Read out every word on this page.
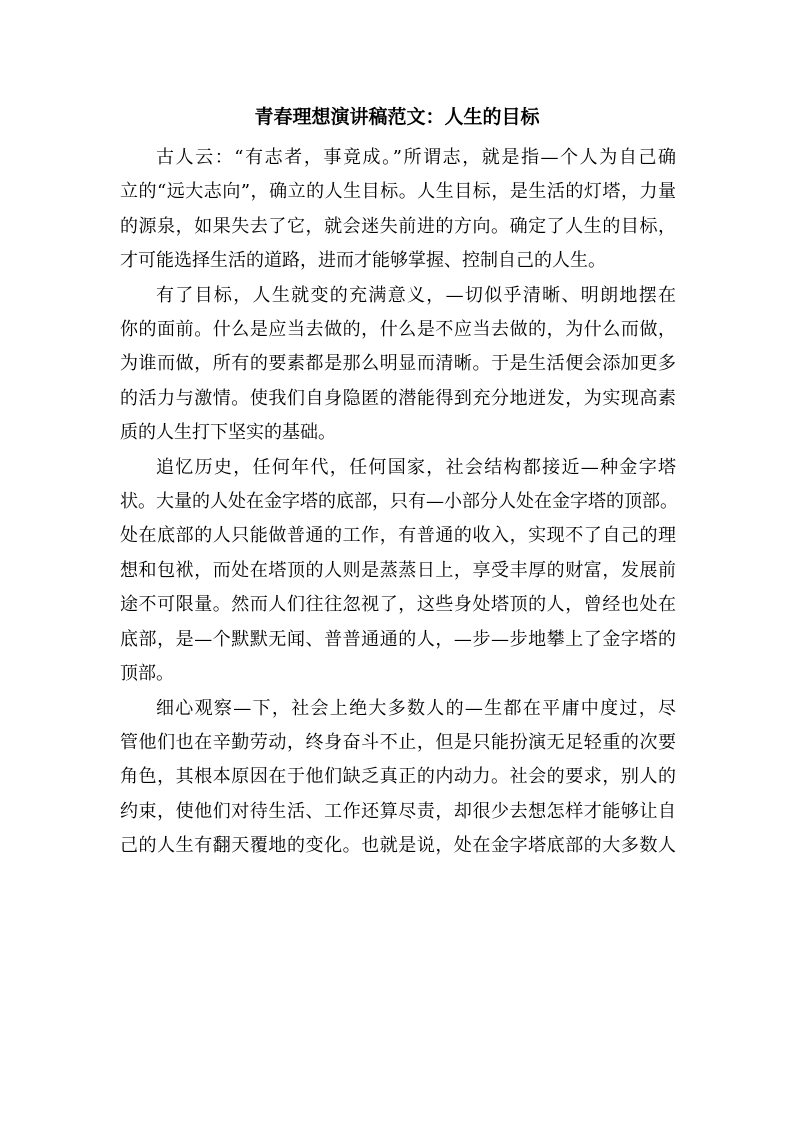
青春理想演讲稿范文：人生的目标

古人云：“有志者，事竟成。”所谓志，就是指—个人为自己确
立的“远大志向”，确立的人生目标。人生目标，是生活的灯塔，力量
的源泉，如果失去了它，就会迷失前进的方向。确定了人生的目标，
才可能选择生活的道路，进而才能够掌握、控制自己的人生。

有了目标，人生就变的充满意义，—切似乎清晰、明朗地摆在
你的面前。什么是应当去做的，什么是不应当去做的，为什么而做，
为谁而做，所有的要素都是那么明显而清晰。于是生活便会添加更多
的活力与激情。使我们自身隐匿的潜能得到充分地迸发，为实现高素
质的人生打下坚实的基础。

追忆历史，任何年代，任何国家，社会结构都接近—种金字塔
状。大量的人处在金字塔的底部，只有—小部分人处在金字塔的顶部。
处在底部的人只能做普通的工作，有普通的收入，实现不了自己的理
想和包袱，而处在塔顶的人则是蒸蒸日上，享受丰厚的财富，发展前
途不可限量。然而人们往往忽视了，这些身处塔顶的人，曾经也处在
底部，是—个默默无闻、普普通通的人，—步—步地攀上了金字塔的
顶部。

细心观察—下，社会上绝大多数人的—生都在平庸中度过，尽
管他们也在辛勤劳动，终身奋斗不止，但是只能扮演无足轻重的次要
角色，其根本原因在于他们缺乏真正的内动力。社会的要求，别人的
约束，使他们对待生活、工作还算尽责，却很少去想怎样才能够让自
己的人生有翻天覆地的变化。也就是说，处在金字塔底部的大多数人
